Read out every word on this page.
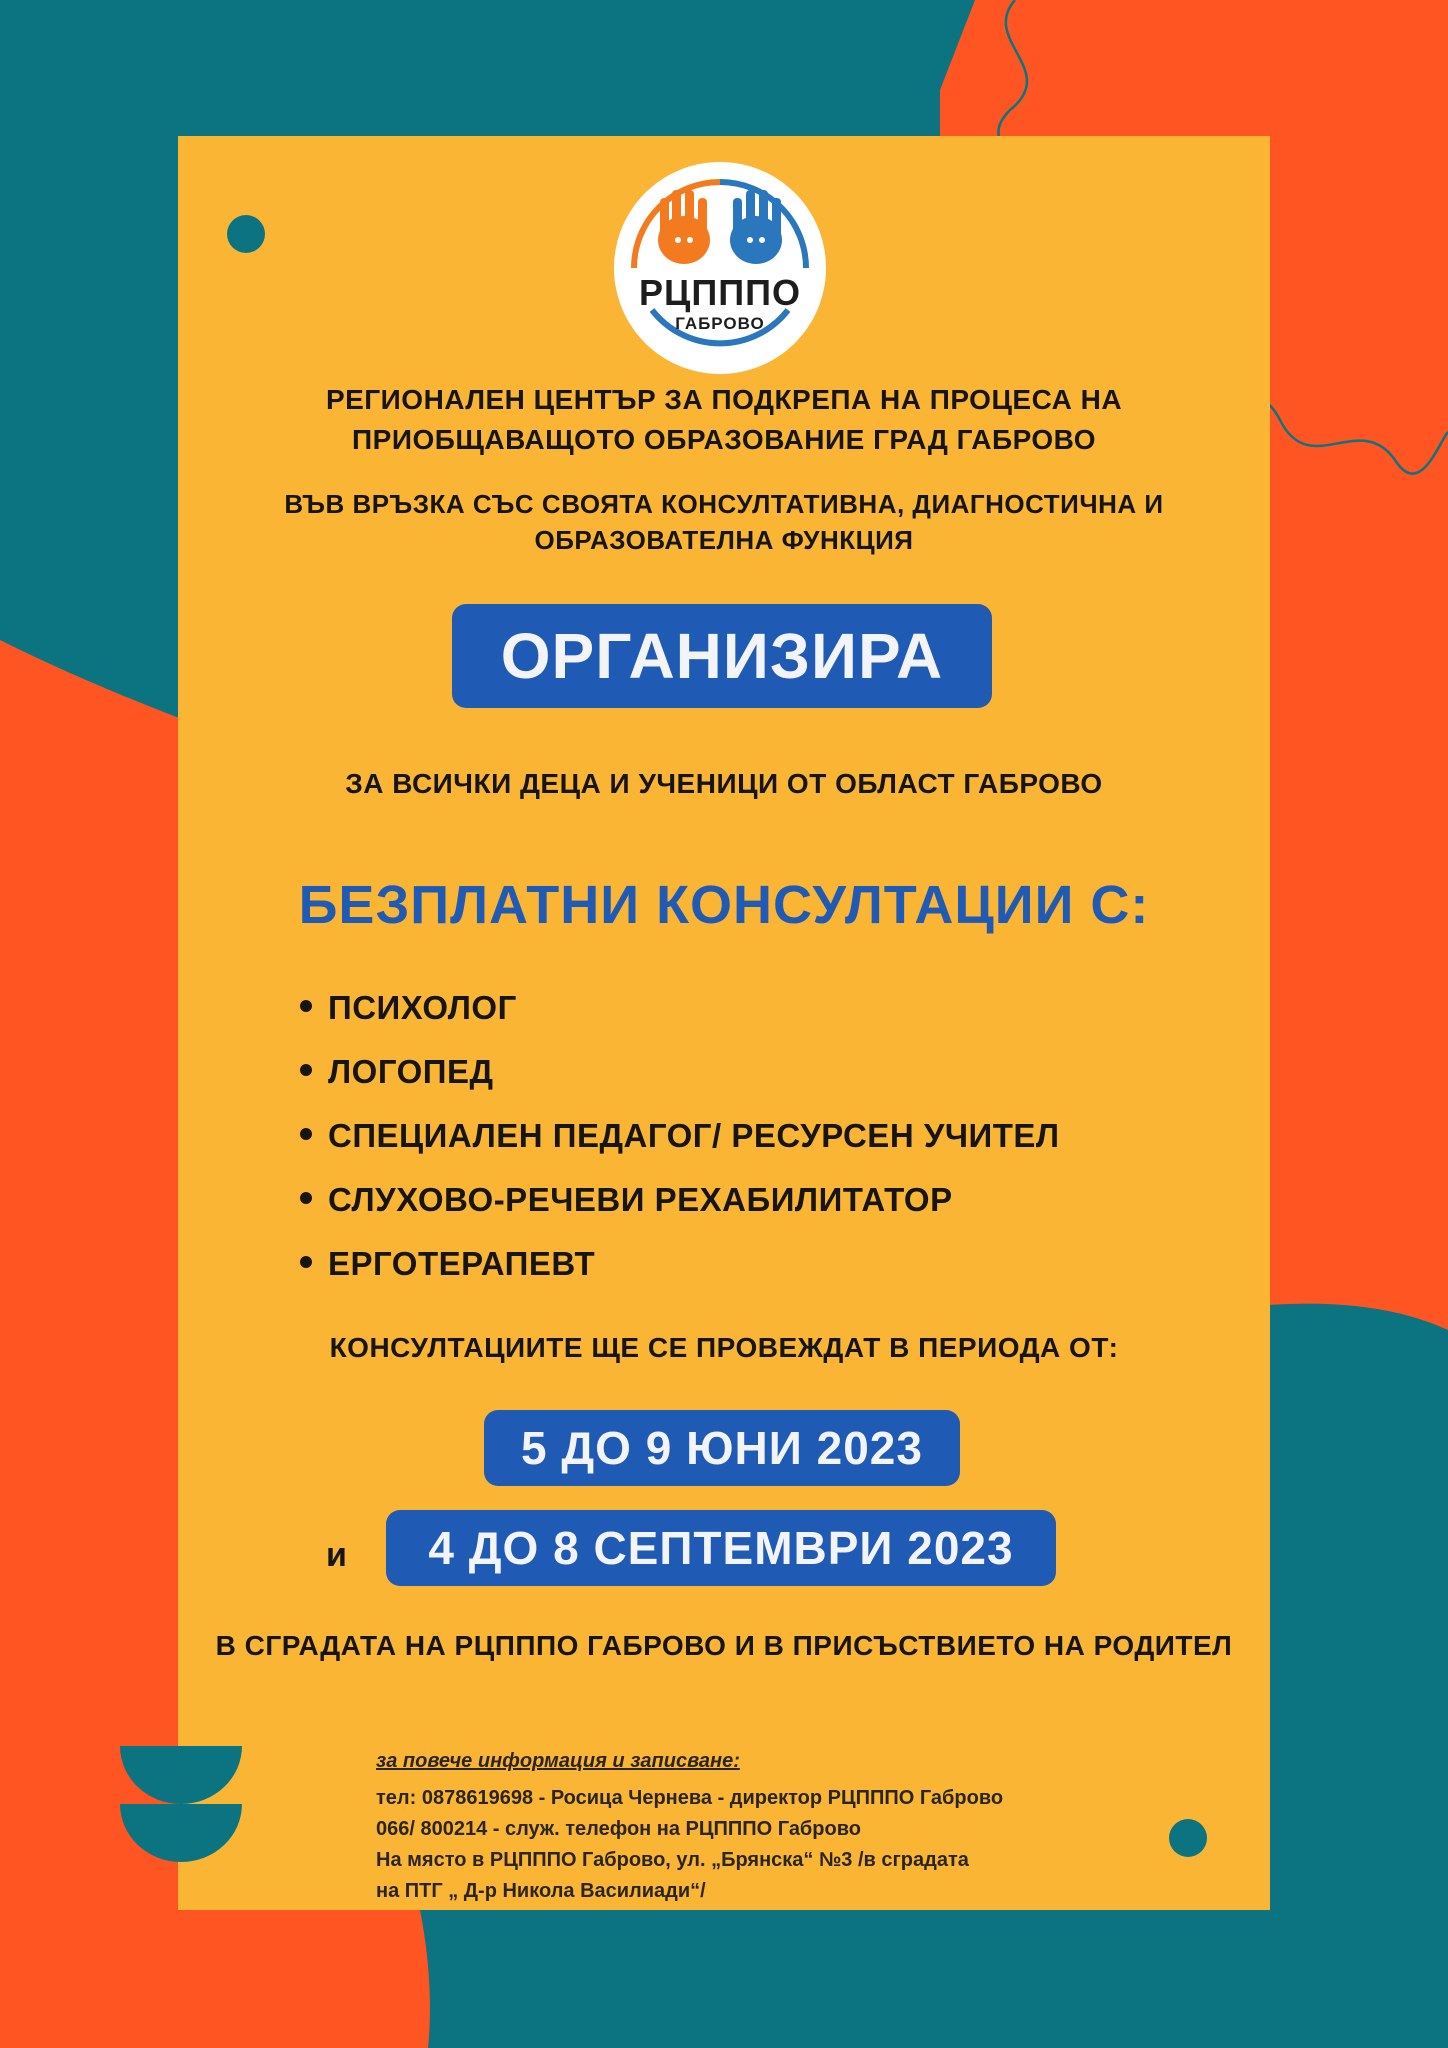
РЦПППО
ГАБРОВО
РЕГИОНАЛЕН ЦЕНТЪР ЗА ПОДКРЕПА НА ПРОЦЕСА НА
ПРИОБЩАВАЩОТО ОБРАЗОВАНИЕ ГРАД ГАБРОВО
ВЪВ ВРЪЗКА СЪС СВОЯТА КОНСУЛТАТИВНА, ДИАГНОСТИЧНА И
ОБРАЗОВАТЕЛНА ФУНКЦИЯ
ОРГАНИЗИРА
ЗА ВСИЧКИ ДЕЦА И УЧЕНИЦИ ОТ ОБЛАСТ ГАБРОВО
БЕЗПЛАТНИ КОНСУЛТАЦИИ С:
ПСИХОЛОГ
ЛОГОПЕД
СПЕЦИАЛЕН ПЕДАГОГ/ РЕСУРСЕН УЧИТЕЛ
СЛУХОВО-РЕЧЕВИ РЕХАБИЛИТАТОР
ЕРГОТЕРАПЕВТ
КОНСУЛТАЦИИТЕ ЩЕ СЕ ПРОВЕЖДАТ В ПЕРИОДА ОТ:
5 ДО 9 ЮНИ 2023
и	4 ДО 8 СЕПТЕМВРИ 2023
В СГРАДАТА НА РЦПППО ГАБРОВО И В ПРИСЪСТВИЕТО НА РОДИТЕЛ
за повече информация и записване:
тел: 0878619698 - Росица Чернева - директор РЦПППО Габрово
066/ 800214 - служ. телефон на РЦПППО Габрово
На място в РЦПППО Габрово, ул. „Брянска“ №3 /в сградата
на ПТГ „ Д-р Никола Василиади“/
